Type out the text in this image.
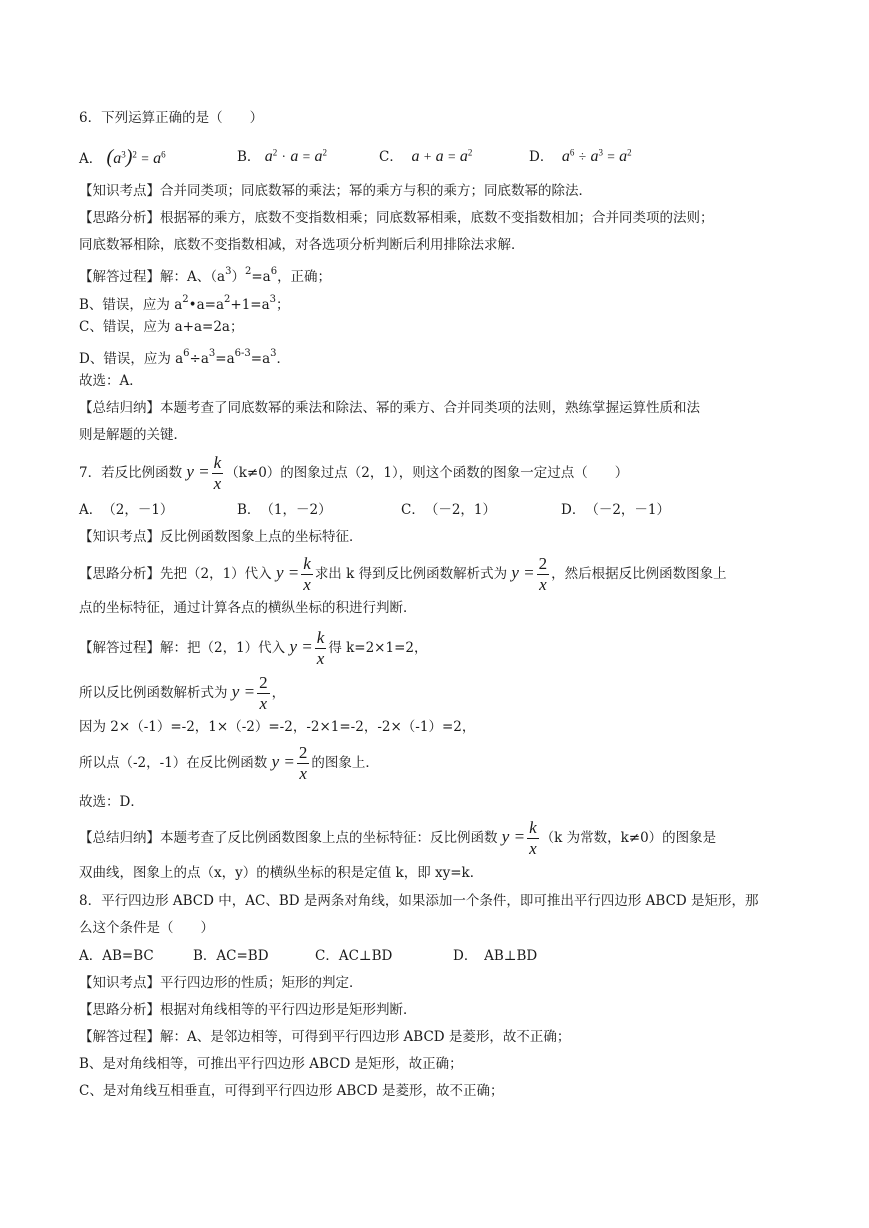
6．下列运算正确的是（　　）
A． $(a^3)^2 = a^6$	B． $a^2 \cdot a = a^2$	C． $a + a = a^2$	D． $a^6 \div a^3 = a^2$
【知识考点】合并同类项；同底数幂的乘法；幂的乘方与积的乘方；同底数幂的除法．
【思路分析】根据幂的乘方，底数不变指数相乘；同底数幂相乘，底数不变指数相加；合并同类项的法则；
同底数幂相除，底数不变指数相减，对各选项分析判断后利用排除法求解．
【解答过程】解：A、$(a^3)^2=a^6$，正确；
B、错误，应为 $a^2•a=a^2+1=a^3$；
C、错误，应为 a+a=2a；
D、错误，应为 $a^6\div a^3=a^{6-3}=a^3$．
故选：A．
【总结归纳】本题考查了同底数幂的乘法和除法、幂的乘方、合并同类项的法则，熟练掌握运算性质和法
则是解题的关键．
7．若反比例函数 $y = \frac{k}{x} (k\ne 0)$的图象过点（2，1），则这个函数的图象一定过点（　　）
A．　（2，－1）	B．　（1，－2）	C．　（－2，1）	D．　（－2，－1）
【知识考点】反比例函数图象上点的坐标特征．
【思路分析】先把（2，1）代入 $y = \frac{k}{x}$ 求出 k 得到反比例函数解析式为 $y = \frac{2}{x}$ ，然后根据反比例函数图象上
点的坐标特征，通过计算各点的横纵坐标的积进行判断．
【解答过程】解：把（2，1）代入 $y = \frac{k}{x}$ 得 k=2×1=2，
所以反比例函数解析式为 $y = \frac{2}{x}$ ，
因为 2×（-1）=-2，1×（-2）=-2，-2×1=-2，-2×（-1）=2，
所以点（-2，-1）在反比例函数 $y = \frac{2}{x}$ 的图象上．
故选：D．
【总结归纳】本题考查了反比例函数图象上点的坐标特征：反比例函数 $y = \frac{k}{x} (k$ 为常数，k≠0）的图象是
双曲线，图象上的点（x，y）的横纵坐标的积是定值 k，即 xy=k．
8．平行四边形 ABCD 中，AC、BD 是两条对角线，如果添加一个条件，即可推出平行四边形 ABCD 是矩形，那
么这个条件是（　　）
A．AB=BC	B．AC=BD	C．AC⊥BD	D．　AB⊥BD
【知识考点】平行四边形的性质；矩形的判定．
【思路分析】根据对角线相等的平行四边形是矩形判断．
【解答过程】解：A、是邻边相等，可得到平行四边形 ABCD 是菱形，故不正确；
B、是对角线相等，可推出平行四边形 ABCD 是矩形，故正确；
C、是对角线互相垂直，可得到平行四边形 ABCD 是菱形，故不正确；
